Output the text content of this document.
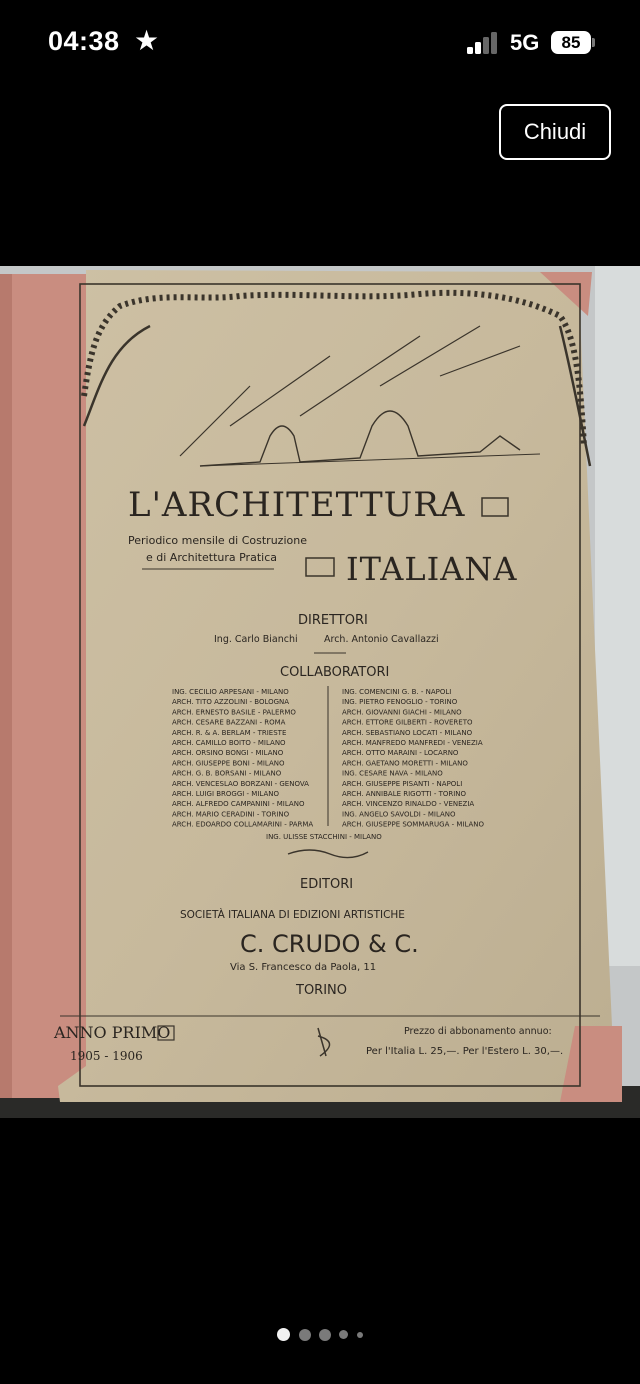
04:38 ★	5G	85
Chiudi
L'ARCHITETTURA
Periodico mensile di Costruzione
e di Architettura Pratica ITALIANA
DIRETTORI
Ing. Carlo Bianchi	Arch. Antonio Cavallazzi
COLLABORATORI
ING. CECILIO ARPESANI - MILANO
ARCH. TITO AZZOLINI - BOLOGNA
ARCH. ERNESTO BASILE - PALERMO
ARCH. CESARE BAZZANI - ROMA
ARCH. R. & A. BERLAM - TRIESTE
ARCH. CAMILLO BOITO - MILANO
ARCH. ORSINO BONGI - MILANO
ARCH. GIUSEPPE BONI - MILANO
ARCH. G. B. BORSANI - MILANO
ARCH. VENCESLAO BORZANI - GENOVA
ARCH. LUIGI BROGGI - MILANO
ARCH. ALFREDO CAMPANINI - MILANO
ARCH. MARIO CERADINI - TORINO
ARCH. EDOARDO COLLAMARINI - PARMA
ING. COMENCINI G. B. - NAPOLI
ING. PIETRO FENOGLIO - TORINO
ARCH. GIOVANNI GIACHI - MILANO
ARCH. ETTORE GILBERTI - ROVERETO
ARCH. SEBASTIANO LOCATI - MILANO
ARCH. MANFREDO MANFREDI - VENEZIA
ARCH. OTTO MARAINI - LOCARNO
ARCH. GAETANO MORETTI - MILANO
ING. CESARE NAVA - MILANO
ARCH. GIUSEPPE PISANTI - NAPOLI
ARCH. ANNIBALE RIGOTTI - TORINO
ARCH. VINCENZO RINALDO - VENEZIA
ING. ANGELO SAVOLDI - MILANO
ARCH. GIUSEPPE SOMMARUGA - MILANO
ING. ULISSE STACCHINI - MILANO
EDITORI
SOCIETÀ ITALIANA DI EDIZIONI ARTISTICHE
C. CRUDO & C.
Via S. Francesco da Paola, 11
TORINO
ANNO PRIMO
1905 - 1906
Prezzo di abbonamento annuo:
Per l'Italia L. 25,—. Per l'Estero L. 30,—.
